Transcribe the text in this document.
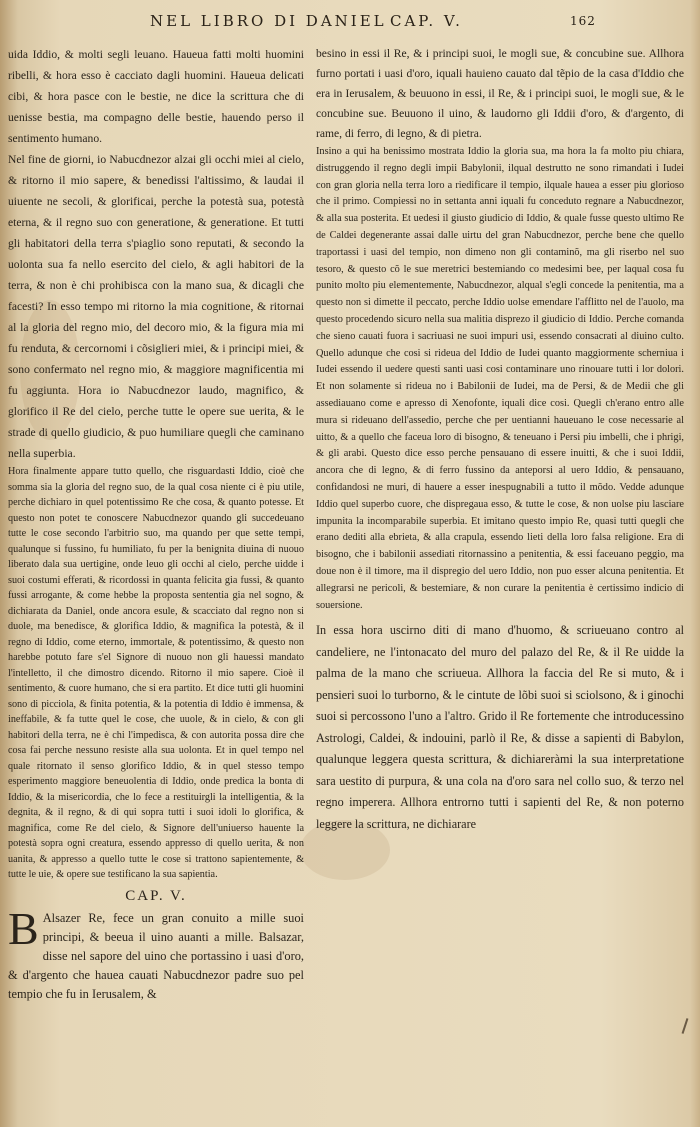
NEL LIBRO DI DANIEL CAP. V.	162

uida Iddio, & molti segli leuano. Haueua fatti molti huomini ribelli, & hora esso è cacciato dagli huomini. Haueua delicati cibi, & hora pasce con le bestie, ne dice la scrittura che di uenisse bestia, ma compagno delle bestie, hauendo perso il sentimento humano.

Nel fine de giorni, io Nabucdnezor alzai gli occhi miei al cielo, & ritorno il mio sapere, & benedissi l'altissimo, & laudai il uiuente ne secoli, & glorificai, perche la potestà sua, potestà eterna, & il regno suo con generatione, & generatione. Et tutti gli habitatori della terra s'piaglio sono reputati, & secondo la uolonta sua fa nello esercito del cielo, & agli habitori de la terra, & non è chi prohibisca con la mano sua, & dicagli che facesti? In esso tempo mi ritorno la mia cognitione, & ritornai al la gloria del regno mio, del decoro mio, & la figura mia mi fu renduta, & cercornomi i cõsiglieri miei, & i principi miei, & sono confermato nel regno mio, & maggiore magnificentia mi fu aggiunta. Hora io Nabucdnezor laudo, magnifico, & glorifico il Re del cielo, perche tutte le opere sue uerita, & le strade di quello giudicio, & puo humiliare quegli che caminano nella superbia.

Hora finalmente appare tutto quello, che risguardasti Iddio, cioè che somma sia la gloria del regno suo, de la qual cosa niente ci è piu utile, perche dichiaro in quel potentissimo Re che cosa, & quanto potesse. Et questo non potet te conoscere Nabucdnezor quando gli succedeuano tutte le cose secondo l'arbitrio suo, ma quando per que sette tempi, qualunque si fussino, fu humiliato, fu per la benignita diuina di nuouo liberato dala sua uertigine, onde leuo gli occhi al cielo, perche uidde i suoi costumi efferati, & ricordossi in quanta felicita gia fussi, & quanto fussi arrogante, & come hebbe la proposta sententia gia nel sogno, & dichiarata da Daniel, onde ancora esule, & scacciato dal regno non si duole, ma benedisce, & glorifica Iddio, & magnifica la potestà, & il regno di Iddio, come eterno, immortale, & potentissimo, & questo non harebbe potuto fare s'el Signore di nuouo non gli hauessi mandato l'intelletto, il che dimostro dicendo. Ritorno il mio sapere. Cioè il sentimento, & cuore humano, che si era partito. Et dice tutti gli huomini sono di picciola, & finita potentia, & la potentia di Iddio è immensa, & ineffabile, & fa tutte quel le cose, che uuole, & in cielo, & con gli habitori della terra, ne è chi l'impedisca, & con autorita possa dire che cosa fai perche nessuno resiste alla sua uolonta. Et in quel tempo nel quale ritornato il senso glorifico Iddio, & in quel stesso tempo esperimento maggiore beneuolentia di Iddio, onde predica la bonta di Iddio, & la misericordia, che lo fece a restituirgli la intelligentia, & la degnita, & il regno, & di qui sopra tutti i suoi idoli lo glorifica, & magnifica, come Re del cielo, & Signore dell'uniuerso hauente la potestà sopra ogni creatura, essendo appresso di quello uerita, & non uanita, & appresso a quello tutte le cose si trattono sapientemente, & tutte le uie, & opere sue testificano la sua sapientia.

CAP. V.

B Alsazer Re, fece un gran conuito a mille suoi principi, & beeua il uino auanti a mille. Balsazar, disse nel sapore del uino che portassino i uasi d'oro, & d'argento che hauea cauati Nabucdnezor padre suo pel tempio che fu in Ierusalem, &

besino in essi il Re, & i principi suoi, le mogli sue, & concubine sue. Allhora furno portati i uasi d'oro, iquali hauieno cauato dal tẽpio de la casa d'Iddio che era in Ierusalem, & beuuono in essi, il Re, & i principi suoi, le mogli sue, & le concubine sue. Beuuono il uino, & laudorno gli Iddii d'oro, & d'argento, di rame, di ferro, di legno, & di pietra.

Insino a qui ha benissimo mostrata Iddio la gloria sua, ma hora la fa molto piu chiara, distruggendo il regno degli impii Babylonii, ilqual destrutto ne sono rimandati i Iudei con gran gloria nella terra loro a riedificare il tempio, ilquale hauea a esser piu glorioso che il primo. Compiessi no in settanta anni iquali fu conceduto regnare a Nabucdnezor, & alla sua posterita. Et uedesi il giusto giudicio di Iddio, & quale fusse questo ultimo Re de Caldei degenerante assai dalle uirtu del gran Nabucdnezor, perche bene che quello traportassi i uasi del tempio, non dimeno non gli contaminõ, ma gli riserbo nel suo tesoro, & questo cõ le sue meretrici bestemiando co medesimi bee, per laqual cosa fu punito molto piu elementemente, Nabucdnezor, alqual s'egli concede la penitentia, ma a questo non si dimette il peccato, perche Iddio uolse emendare l'afflitto nel de l'auolo, ma questo procedendo sicuro nella sua malitia disprezo il giudicio di Iddio. Perche comanda che sieno cauati fuora i sacriuasi ne suoi impuri usi, essendo consacrati al diuino culto. Quello adunque che cosi si rideua del Iddio de Iudei quanto maggiormente scherniua i Iudei essendo il uedere questi santi uasi cosi contaminare uno rinouare tutti i lor dolori. Et non solamente si rideua no i Babilonii de Iudei, ma de Persi, & de Medii che gli assediauano come e apresso di Xenofonte, iquali dice cosi. Quegli ch'erano entro alle mura si rideuano dell'assedio, perche che per uentianni haueuano le cose necessarie al uitto, & a quello che faceua loro di bisogno, & teneuano i Persi piu imbelli, che i phrigi, & gli arabi. Questo dice esso perche pensauano di essere inuitti, & che i suoi Iddii, ancora che di legno, & di ferro fussino da anteporsi al uero Iddio, & pensauano, confidandosi ne muri, di hauere a esser inespugnabili a tutto il mõdo. Vedde adunque Iddio quel superbo cuore, che dispregaua esso, & tutte le cose, & non uolse piu lasciare impunita la incomparabile superbia. Et imitano questo impio Re, quasi tutti quegli che erano dediti alla ebrieta, & alla crapula, essendo lieti della loro falsa religione. Era di bisogno, che i babilonii assediati ritornassino a penitentia, & essi faceuano peggio, ma doue non è il timore, ma il dispregio del uero Iddio, non puo esser alcuna penitentia. Et allegrarsi ne pericoli, & bestemiare, & non curare la penitentia è certissimo indicio di souersione.

In essa hora uscirno diti di mano d'huomo, & scriueuano contro al candeliere, ne l'intonacato del muro del palazo del Re, & il Re uidde la palma de la mano che scriueua. Allhora la faccia del Re si muto, & i pensieri suoi lo turborno, & le cintute de lõbi suoi si sciolsono, & i ginochi suoi si percossono l'uno a l'altro. Grido il Re fortemente che introducessino Astrologi, Caldei, & indouini, parlò il Re, & disse a sapienti di Babylon, qualunque leggera questa scrittura, & dichiareràmi la sua interpretatione sara uestito di purpura, & una cola na d'oro sara nel collo suo, & terzo nel regno imperera. Allhora entrorno tutti i sapienti del Re, & non poterno leggere la scrittura, ne dichiarare
